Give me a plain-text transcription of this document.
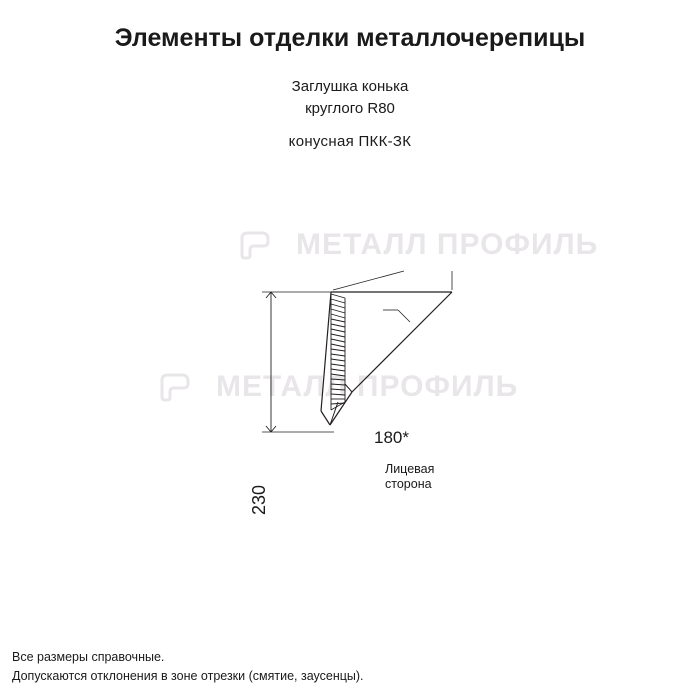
Элементы отделки металлочерепицы
Заглушка конька
круглого R80
конусная ПКК-ЗК
МЕТАЛЛ ПРОФИЛЬ
МЕТАЛЛ ПРОФИЛЬ
230
180*
Лицевая
сторона
Все размеры справочные.
Допускаются отклонения в зоне отрезки (смятие, заусенцы).
